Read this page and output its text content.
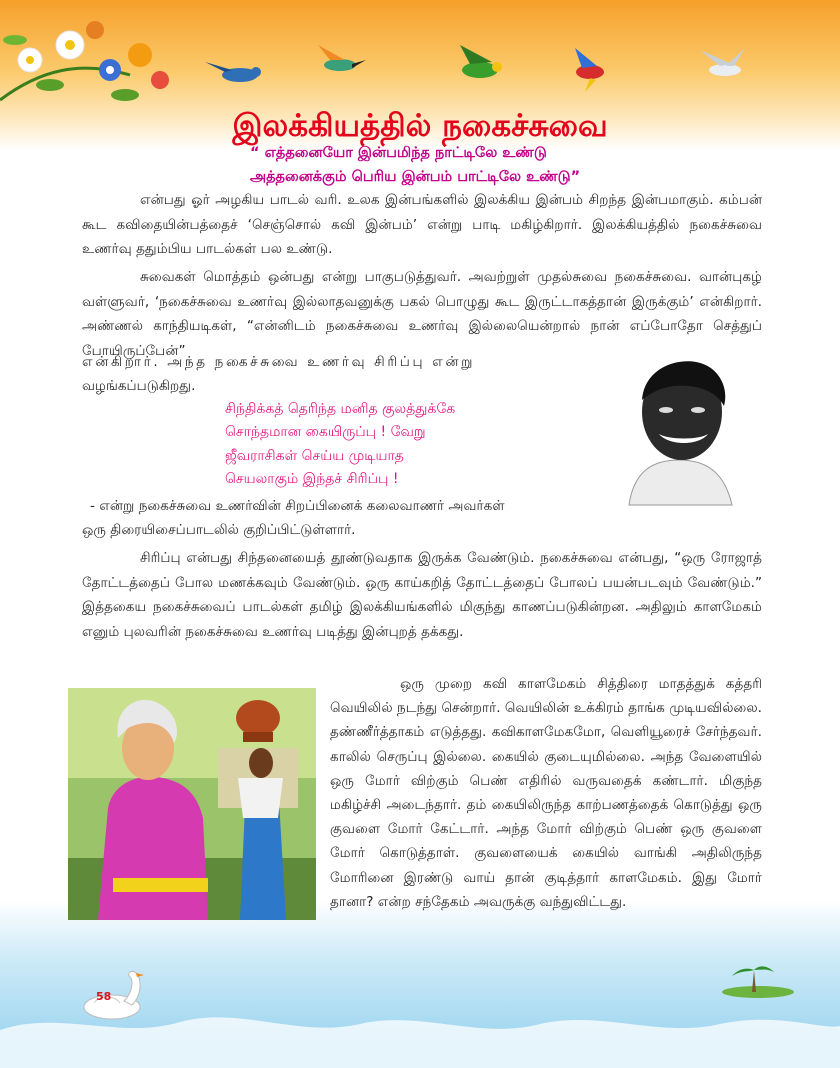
இலக்கியத்தில் நகைச்சுவை

“ எத்தனையோ இன்பமிந்த நாட்டிலே உண்டு

அத்தனைக்கும் பெரிய இன்பம் பாட்டிலே உண்டு”

என்பது ஓர் அழகிய பாடல் வரி. உலக இன்பங்களில் இலக்கிய இன்பம் சிறந்த இன்பமாகும். கம்பன் கூட கவிதையின்பத்தைச் ‘செஞ்சொல் கவி இன்பம்’ என்று பாடி மகிழ்கிறார். இலக்கியத்தில் நகைச்சுவை உணர்வு ததும்பிய பாடல்கள் பல உண்டு.

சுவைகள் மொத்தம் ஒன்பது என்று பாகுபடுத்துவர். அவற்றுள் முதல்சுவை நகைச்சுவை. வான்புகழ் வள்ளுவர், ‘நகைச்சுவை உணர்வு இல்லாதவனுக்கு பகல் பொழுது கூட இருட்டாகத்தான் இருக்கும்’ என்கிறார். அண்ணல் காந்தியடிகள், “என்னிடம் நகைச்சுவை உணர்வு இல்லையென்றால் நான் எப்போதோ செத்துப் போயிருப்பேன்”

என்கிறார். அந்த நகைச்சுவை உணர்வு சிரிப்பு என்று

வழங்கப்படுகிறது.

சிந்திக்கத் தெரிந்த மனித குலத்துக்கே
சொந்தமான கையிருப்பு ! வேறு
ஜீவராசிகள் செய்ய முடியாத
செயலாகும் இந்தச் சிரிப்பு !

- என்று நகைச்சுவை உணர்வின் சிறப்பினைக் கலைவாணர் அவர்கள்

ஒரு திரையிசைப்பாடலில் குறிப்பிட்டுள்ளார்.

சிரிப்பு என்பது சிந்தனையைத் தூண்டுவதாக இருக்க வேண்டும். நகைச்சுவை என்பது, “ஒரு ரோஜாத் தோட்டத்தைப் போல மணக்கவும் வேண்டும். ஒரு காய்கறித் தோட்டத்தைப் போலப் பயன்படவும் வேண்டும்.” இத்தகைய நகைச்சுவைப் பாடல்கள் தமிழ் இலக்கியங்களில் மிகுந்து காணப்படுகின்றன. அதிலும் காளமேகம் எனும் புலவரின் நகைச்சுவை உணர்வு படித்து இன்புறத் தக்கது.

ஒரு முறை கவி காளமேகம் சித்திரை மாதத்துக் கத்தரி வெயிலில் நடந்து சென்றார். வெயிலின் உக்கிரம் தாங்க முடியவில்லை. தண்ணீர்த்தாகம் எடுத்தது. கவிகாளமேகமோ, வெளியூரைச் சேர்ந்தவர். காலில் செருப்பு இல்லை. கையில் குடையுமில்லை. அந்த வேளையில் ஒரு மோர் விற்கும் பெண் எதிரில் வருவதைக் கண்டார். மிகுந்த மகிழ்ச்சி அடைந்தார். தம் கையிலிருந்த காற்பணத்தைக் கொடுத்து ஒரு குவளை மோர் கேட்டார். அந்த மோர் விற்கும் பெண் ஒரு குவளை மோர் கொடுத்தாள். குவளையைக் கையில் வாங்கி அதிலிருந்த மோரினை இரண்டு வாய் தான் குடித்தார் காளமேகம். இது மோர் தானா? என்ற சந்தேகம் அவருக்கு வந்துவிட்டது.

58
